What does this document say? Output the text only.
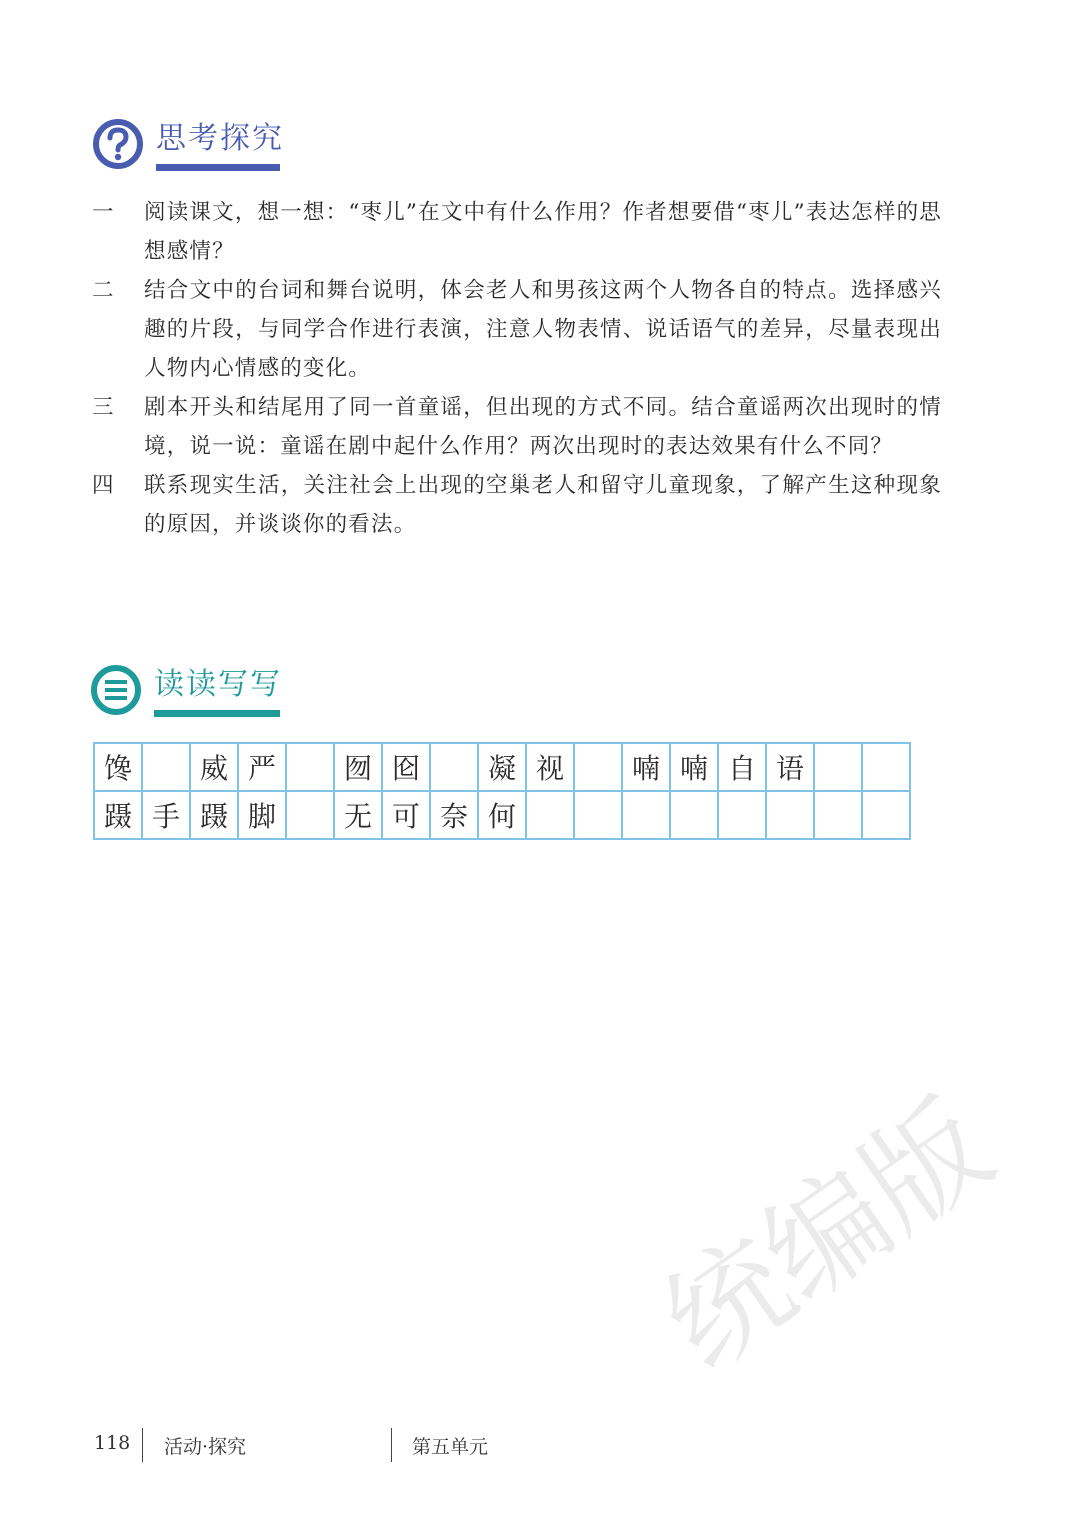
思考探究
一	阅读课文，想一想：“枣儿”在文中有什么作用？作者想要借“枣儿”表达怎样的思想感情？
二	结合文中的台词和舞台说明，体会老人和男孩这两个人物各自的特点。选择感兴趣的片段，与同学合作进行表演，注意人物表情、说话语气的差异，尽量表现出人物内心情感的变化。
三	剧本开头和结尾用了同一首童谣，但出现的方式不同。结合童谣两次出现时的情境，说一说：童谣在剧中起什么作用？两次出现时的表达效果有什么不同？
四	联系现实生活，关注社会上出现的空巢老人和留守儿童现象，了解产生这种现象的原因，并谈谈你的看法。
读读写写
馋		威	严		囫	囵		凝	视		喃	喃	自	语		
蹑	手	蹑	脚		无	可	奈	何								
118 活动·探究	第五单元
统编版
